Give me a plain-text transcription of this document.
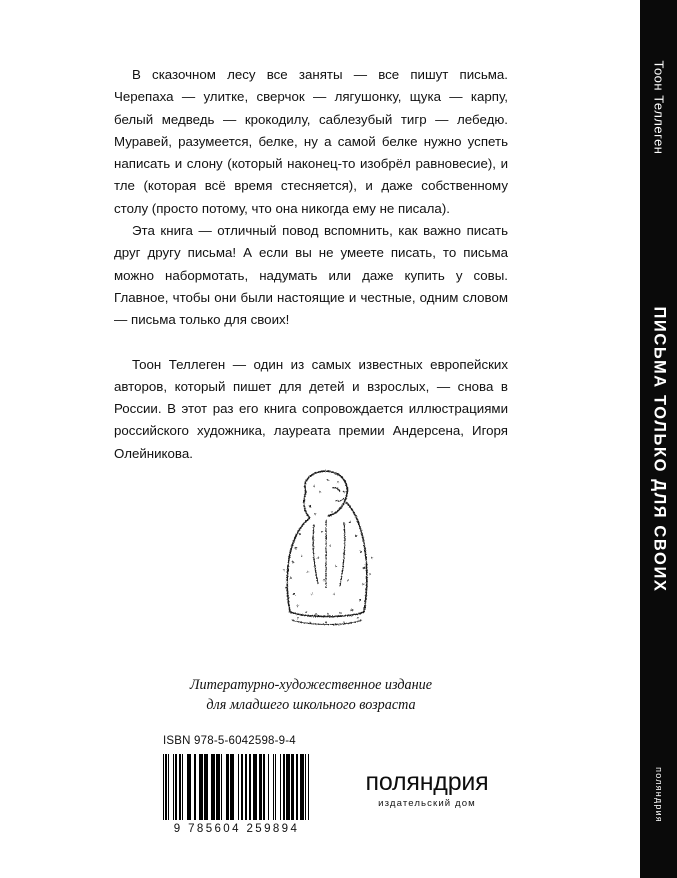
В сказочном лесу все заняты — все пишут письма. Черепаха — улитке, сверчок — лягушонку, щука — карпу, белый медведь — крокодилу, саблезубый тигр — лебедю. Муравей, разумеется, белке, ну а самой белке нужно успеть написать и слону (который наконец-то изобрёл равновесие), и тле (которая всё время стесняется), и даже собственному столу (просто потому, что она никогда ему не писала).

Эта книга — отличный повод вспомнить, как важно писать друг другу письма! А если вы не умеете писать, то письма можно набормотать, надумать или даже купить у совы. Главное, чтобы они были настоящие и честные, одним словом — письма только для своих!

Тоон Теллеген — один из самых известных европейских авторов, который пишет для детей и взрослых, — снова в России. В этот раз его книга сопровождается иллюстрациями российского художника, лауреата премии Андерсена, Игоря Олейникова.

Литературно-художественное издание
для младшего школьного возраста
ISBN 978-5-6042598-9-4
9 785604 259894
поляндрия
издательский дом
Тоон Теллеген
ПИСЬМА ТОЛЬКО ДЛЯ СВОИХ
поляндрия
